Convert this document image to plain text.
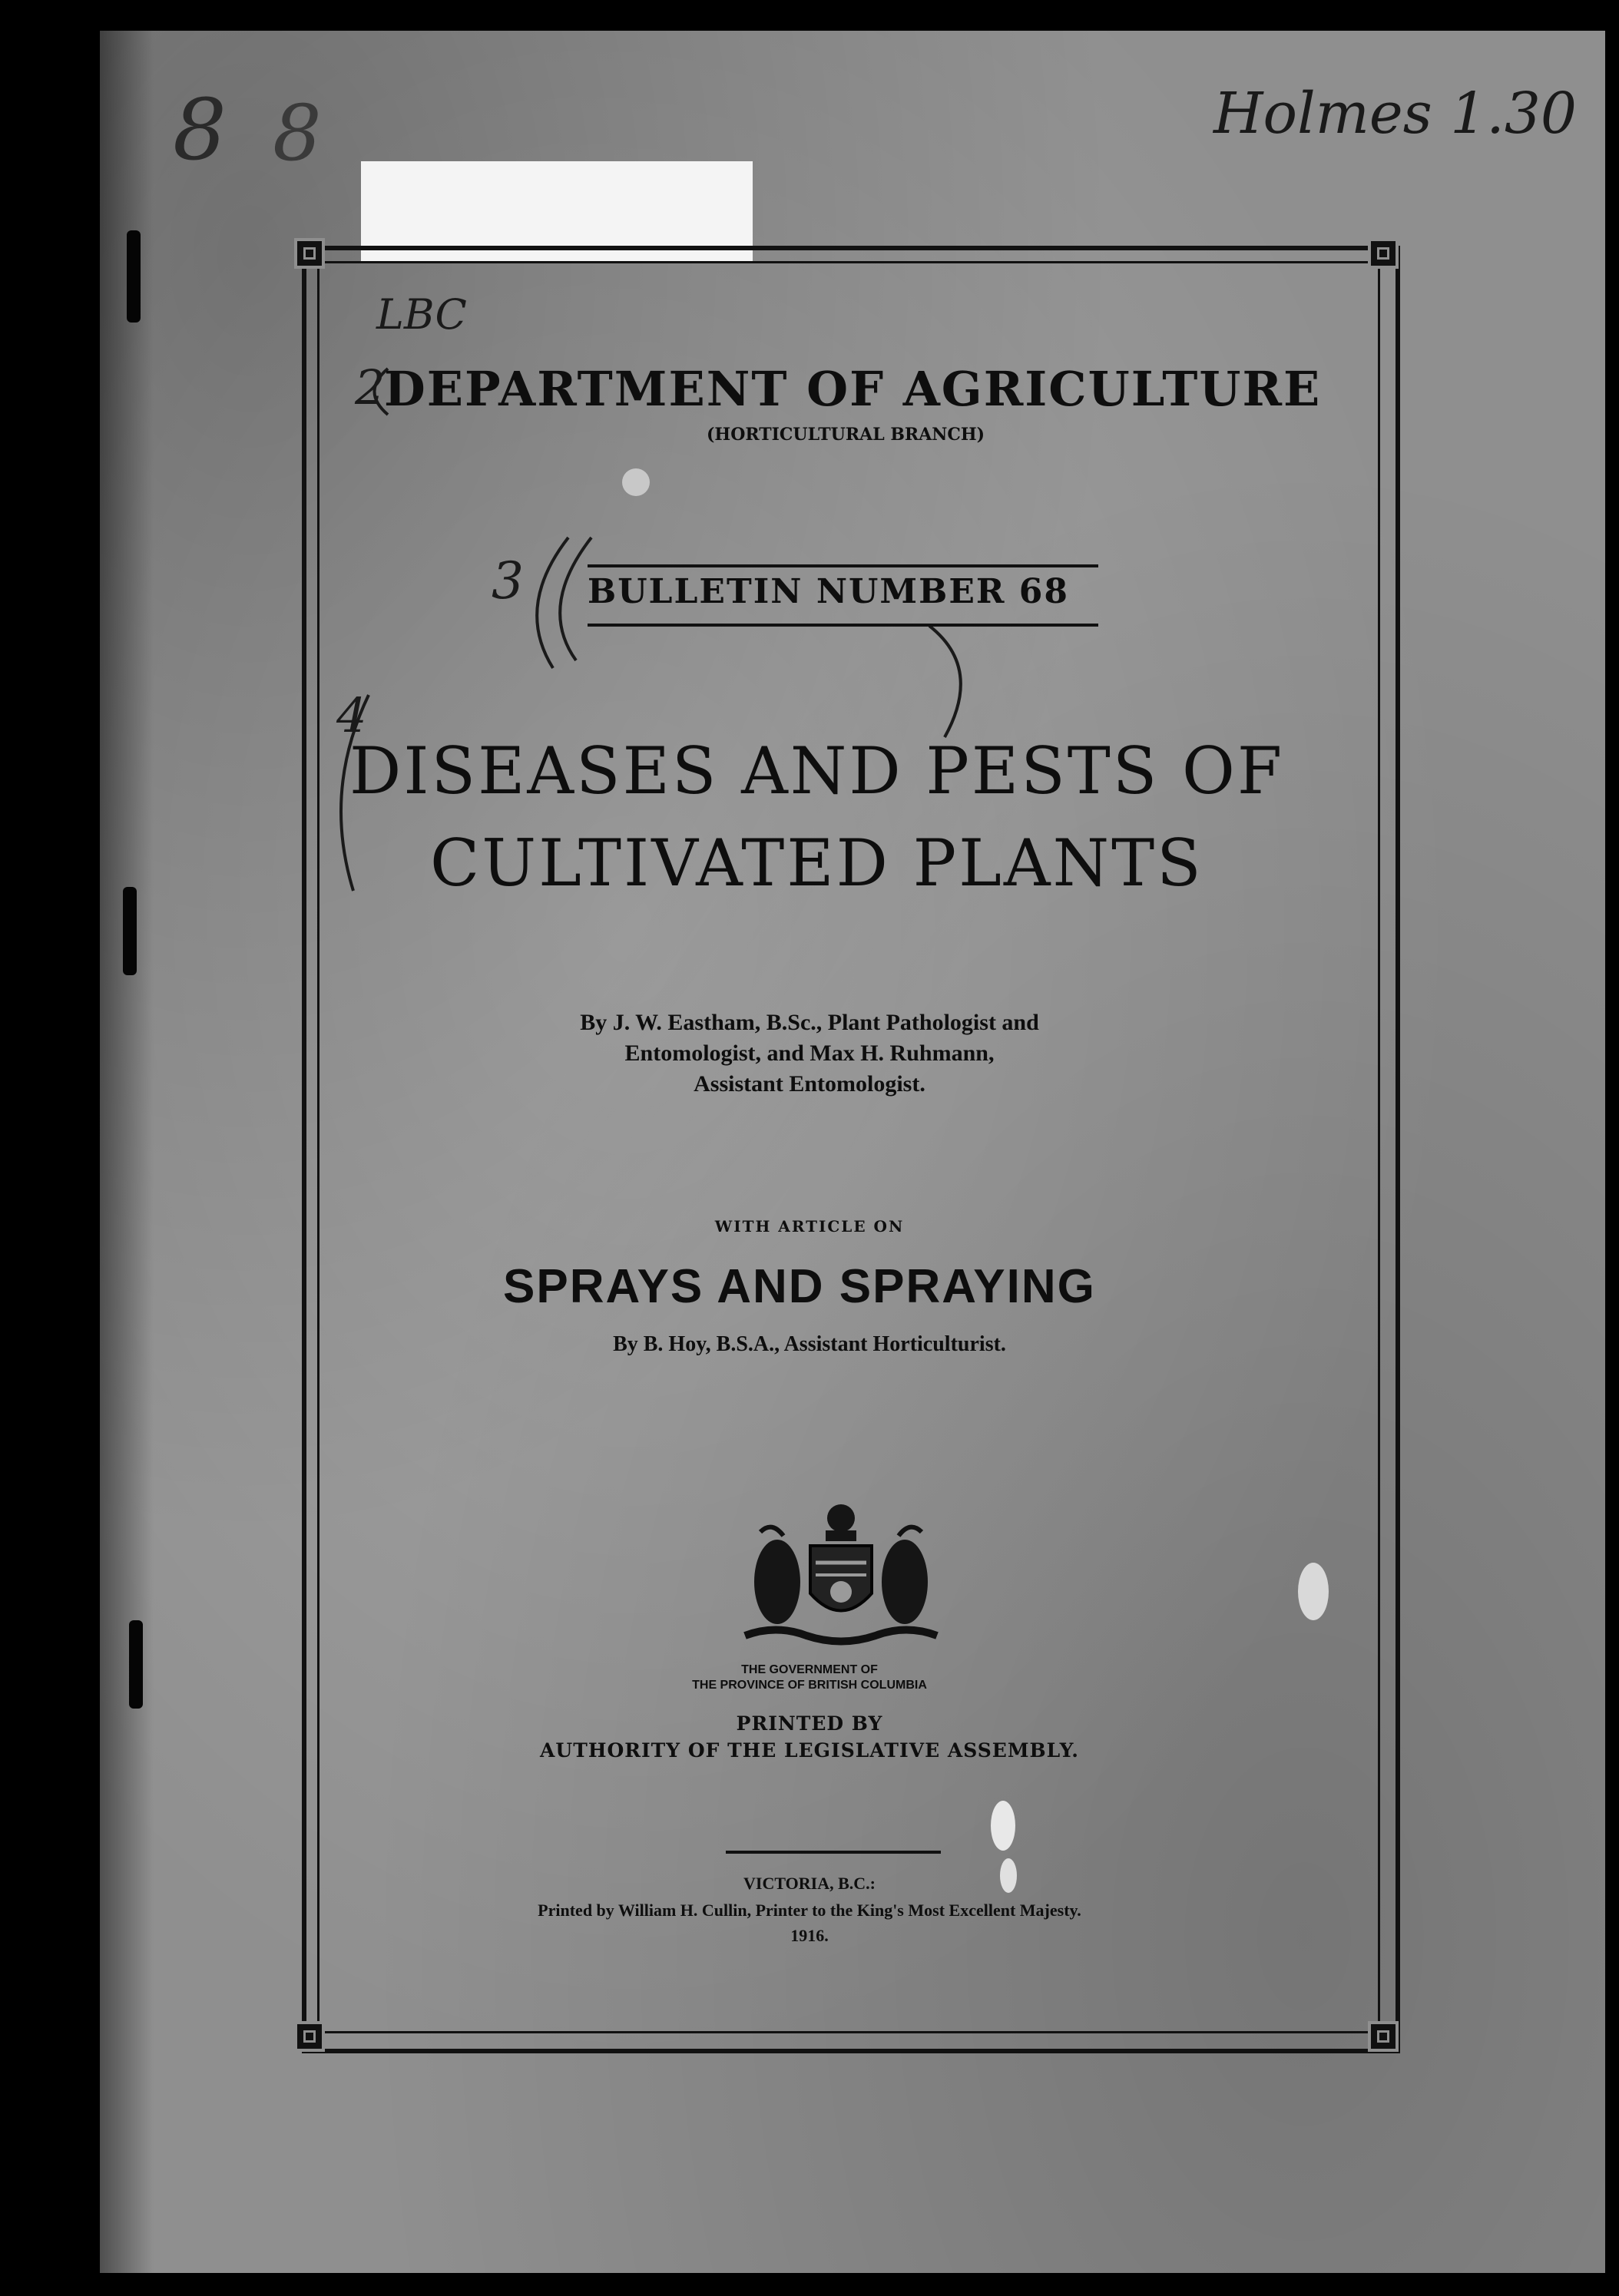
8 8	Holmes 1.30
LBC
2
3
4
DEPARTMENT OF AGRICULTURE
(HORTICULTURAL BRANCH)
BULLETIN NUMBER 68
DISEASES AND PESTS OF
CULTIVATED PLANTS
By J. W. Eastham, B.Sc., Plant Pathologist and
Entomologist, and Max H. Ruhmann,
Assistant Entomologist.
WITH ARTICLE ON
SPRAYS AND SPRAYING
By B. Hoy, B.S.A., Assistant Horticulturist.
THE GOVERNMENT OF
THE PROVINCE OF BRITISH COLUMBIA
PRINTED BY
AUTHORITY OF THE LEGISLATIVE ASSEMBLY.
VICTORIA, B.C.:
Printed by William H. Cullin, Printer to the King's Most Excellent Majesty.
1916.
